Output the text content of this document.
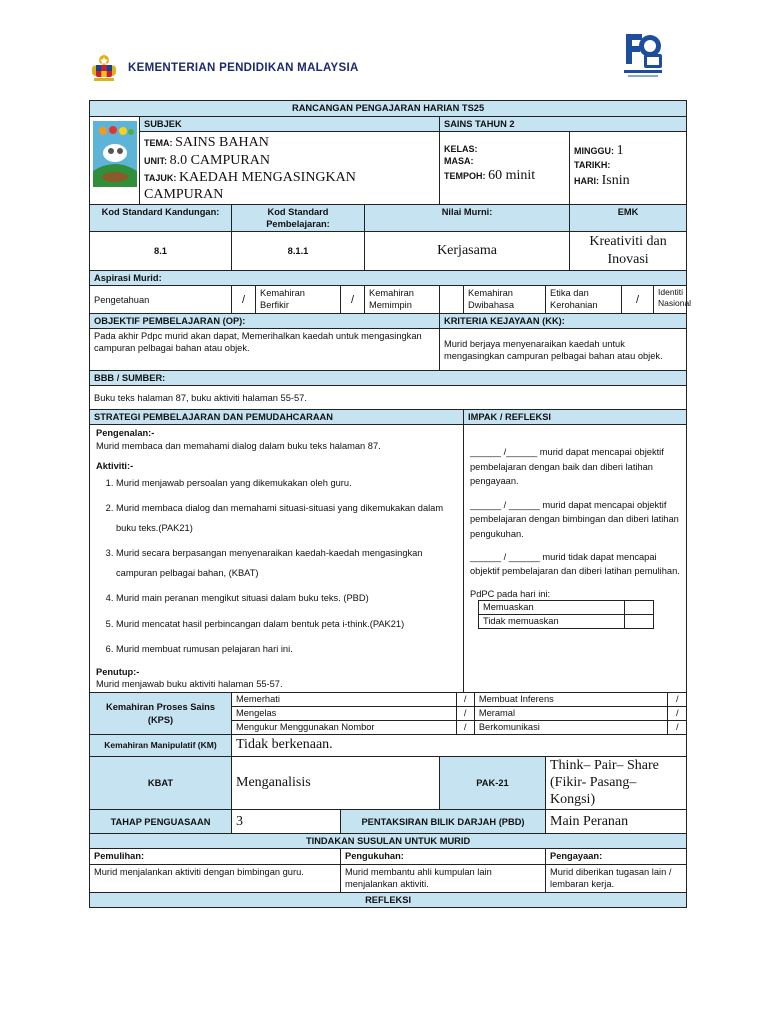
KEMENTERIAN PENDIDIKAN MALAYSIA
RANCANGAN PENGAJARAN HARIAN TS25
	SUBJEK	SAINS TAHUN 2

TEMA: SAINS BAHAN
UNIT: 8.0 CAMPURAN
TAJUK: KAEDAH MENGASINGKAN CAMPURAN

KELAS:
MASA:
TEMPOH: 60 minit

MINGGU: 1
TARIKH:
HARI: Isnin

Kod Standard Kandungan:	Kod Standard Pembelajaran:	Nilai Murni:	EMK
8.1	8.1.1	Kerjasama	Kreativiti dan Inovasi
Aspirasi Murid:
Pengetahuan	/	Kemahiran Berfikir	/	Kemahiran Memimpin		Kemahiran Dwibahasa	Etika dan Kerohanian	/	Identiti Nasional
OBJEKTIF PEMBELAJARAN (OP):	KRITERIA KEJAYAAN (KK):
Pada akhir Pdpc murid akan dapat, Memerihalkan kaedah untuk mengasingkan campuran pelbagai bahan atau objek.	Murid berjaya menyenaraikan kaedah untuk mengasingkan campuran pelbagai bahan atau objek.
BBB / SUMBER:
Buku teks halaman 87, buku aktiviti halaman 55-57.
STRATEGI PEMBELAJARAN DAN PEMUDAHCARAAN	IMPAK / REFLEKSI

Pengenalan:-
Murid membaca dan memahami dialog dalam buku teks halaman 87.
Aktiviti:-
1. Murid menjawab persoalan yang dikemukakan oleh guru.
2. Murid membaca dialog dan memahami situasi-situasi yang dikemukakan dalam buku teks.(PAK21)
3. Murid secara berpasangan menyenaraikan kaedah-kaedah mengasingkan campuran pelbagai bahan, (KBAT)
4. Murid main peranan mengikut situasi dalam buku teks. (PBD)
5. Murid mencatat hasil perbincangan dalam bentuk peta i-think.(PAK21)
6. Murid membuat rumusan pelajaran hari ini.
Penutup:-
Murid menjawab buku aktiviti halaman 55-57.

______ /______ murid dapat mencapai objektif pembelajaran dengan baik dan diberi latihan pengayaan.

______ / ______ murid dapat mencapai objektif pembelajaran dengan bimbingan dan diberi latihan pengukuhan.

______ / ______ murid tidak dapat mencapai objektif pembelajaran dan diberi latihan pemulihan.

PdPC pada hari ini:
Memuaskan	
Tidak memuaskan	

Kemahiran Proses Sains (KPS)	
Memerhati	/	Membuat Inferens	/
Mengelas	/	Meramal	/
Mengukur Menggunakan Nombor	/	Berkomunikasi	/

Kemahiran Manipulatif (KM)	Tidak berkenaan.
KBAT	Menganalisis	PAK-21	Think– Pair– Share (Fikir- Pasang– Kongsi)
TAHAP PENGUASAAN	3	PENTAKSIRAN BILIK DARJAH (PBD)	Main Peranan
TINDAKAN SUSULAN UNTUK MURID
Pemulihan:	Pengukuhan:	Pengayaan:
Murid menjalankan aktiviti dengan bimbingan guru.	Murid membantu ahli kumpulan lain menjalankan aktiviti.	Murid diberikan tugasan lain / lembaran kerja.
REFLEKSI
